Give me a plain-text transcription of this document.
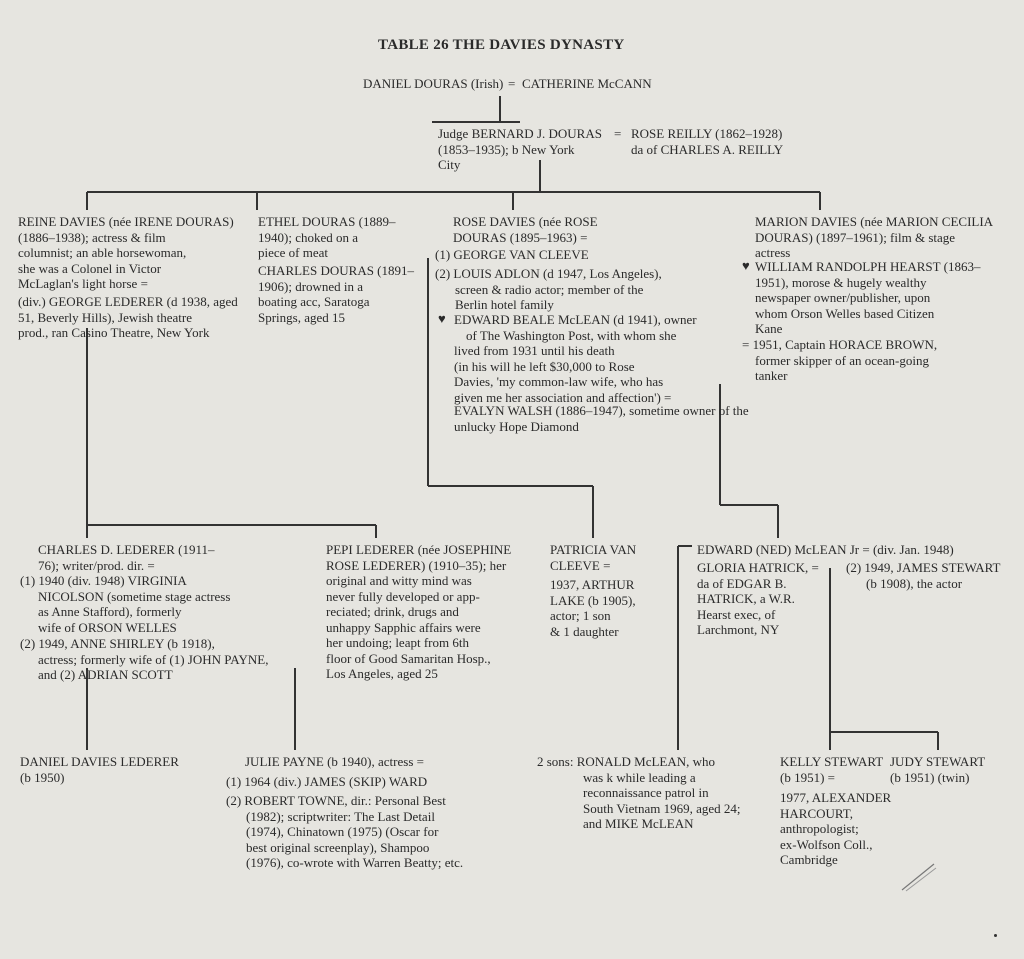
TABLE 26 THE DAVIES DYNASTY
DANIEL DOURAS (Irish) = CATHERINE McCANN
Judge BERNARD J. DOURAS
(1853–1935); b New York
City
= ROSE REILLY (1862–1928)
da of CHARLES A. REILLY
REINE DAVIES (née IRENE DOURAS)
(1886–1938); actress & film
columnist; an able horsewoman,
she was a Colonel in Victor
McLaglan's light horse =
(div.) GEORGE LEDERER (d 1938, aged
51, Beverly Hills), Jewish theatre
prod., ran Casino Theatre, New York
ETHEL DOURAS (1889–
1940); choked on a
piece of meat
CHARLES DOURAS (1891–
1906); drowned in a
boating acc, Saratoga
Springs, aged 15
ROSE DAVIES (née ROSE
DOURAS (1895–1963) =
(1) GEORGE VAN CLEEVE
(2) LOUIS ADLON (d 1947, Los Angeles),
screen & radio actor; member of the
Berlin hotel family
♥ EDWARD BEALE McLEAN (d 1941), owner
of The Washington Post, with whom she
lived from 1931 until his death
(in his will he left $30,000 to Rose
Davies, 'my common-law wife, who has
given me her association and affection') =
EVALYN WALSH (1886–1947), sometime owner of the
unlucky Hope Diamond
MARION DAVIES (née MARION CECILIA
DOURAS) (1897–1961); film & stage
actress
♥ WILLIAM RANDOLPH HEARST (1863–
1951), morose & hugely wealthy
newspaper owner/publisher, upon
whom Orson Welles based Citizen
Kane
= 1951, Captain HORACE BROWN,
former skipper of an ocean-going
tanker
CHARLES D. LEDERER (1911–
76); writer/prod. dir. =
(1) 1940 (div. 1948) VIRGINIA
NICOLSON (sometime stage actress
as Anne Stafford), formerly
wife of ORSON WELLES
(2) 1949, ANNE SHIRLEY (b 1918),
actress; formerly wife of (1) JOHN PAYNE,
and (2) ADRIAN SCOTT
PEPI LEDERER (née JOSEPHINE
ROSE LEDERER) (1910–35); her
original and witty mind was
never fully developed or app-
reciated; drink, drugs and
unhappy Sapphic affairs were
her undoing; leapt from 6th
floor of Good Samaritan Hosp.,
Los Angeles, aged 25
PATRICIA VAN
CLEEVE =
1937, ARTHUR
LAKE (b 1905),
actor; 1 son
& 1 daughter
EDWARD (NED) McLEAN Jr = (div. Jan. 1948)
GLORIA HATRICK, =
da of EDGAR B.
HATRICK, a W.R.
Hearst exec, of
Larchmont, NY
(2) 1949, JAMES STEWART
(b 1908), the actor
DANIEL DAVIES LEDERER
(b 1950)
JULIE PAYNE (b 1940), actress =
(1) 1964 (div.) JAMES (SKIP) WARD
(2) ROBERT TOWNE, dir.: Personal Best
(1982); scriptwriter: The Last Detail
(1974), Chinatown (1975) (Oscar for
best original screenplay), Shampoo
(1976), co-wrote with Warren Beatty; etc.
2 sons: RONALD McLEAN, who
was k while leading a
reconnaissance patrol in
South Vietnam 1969, aged 24;
and MIKE McLEAN
KELLY STEWART
(b 1951) =
1977, ALEXANDER
HARCOURT,
anthropologist;
ex-Wolfson Coll.,
Cambridge
JUDY STEWART
(b 1951) (twin)
